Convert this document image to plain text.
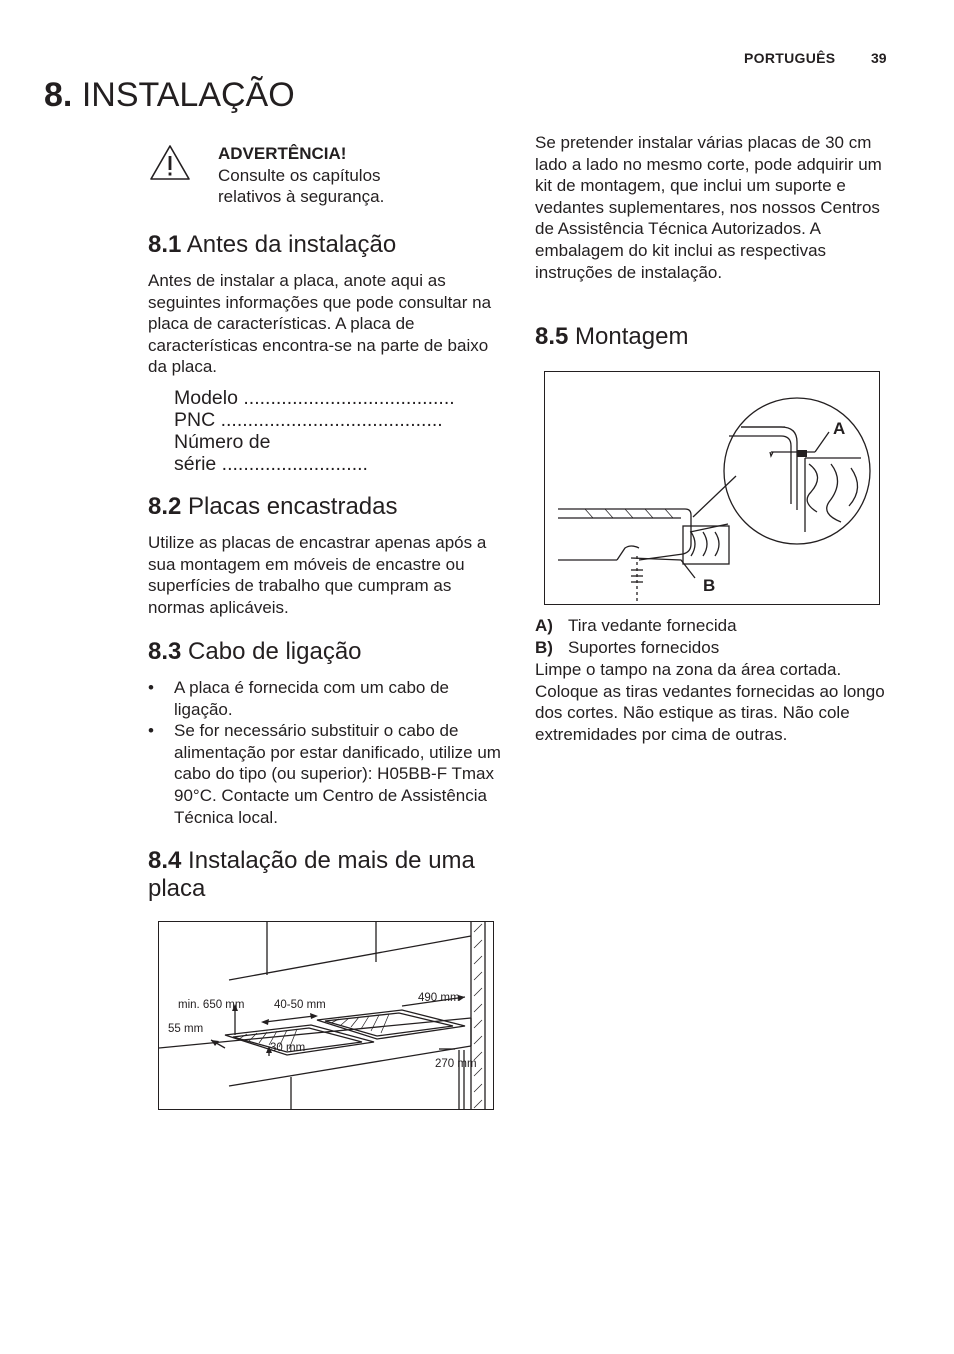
PORTUGUÊS	39
8. INSTALAÇÃO
ADVERTÊNCIA!
Consulte os capítulos relativos à segurança.
8.1 Antes da instalação

Antes de instalar a placa, anote aqui as seguintes informações que pode consultar na placa de características. A placa de características encontra-se na parte de baixo da placa.

Modelo .......................................
PNC .........................................
Número de
série ...........................
8.2 Placas encastradas

Utilize as placas de encastrar apenas após a sua montagem em móveis de encastre ou superfícies de trabalho que cumpram as normas aplicáveis.

8.3 Cabo de ligação
• A placa é fornecida com um cabo de ligação.
• Se for necessário substituir o cabo de alimentação por estar danificado, utilize um cabo do tipo (ou superior): H05BB-F Tmax 90°C. Contacte um Centro de Assistência Técnica local.
8.4 Instalação de mais de uma placa
min. 650 mm	40-50 mm
490 mm
55 mm
30 mm
270 mm

Se pretender instalar várias placas de 30 cm lado a lado no mesmo corte, pode adquirir um kit de montagem, que inclui um suporte e vedantes suplementares, nos nossos Centros de Assistência Técnica Autorizados. A embalagem do kit inclui as respectivas instruções de instalação.

8.5 Montagem
A
B
A) Tira vedante fornecida
B) Suportes fornecidos

Limpe o tampo na zona da área cortada. Coloque as tiras vedantes fornecidas ao longo dos cortes. Não estique as tiras. Não cole extremidades por cima de outras.
